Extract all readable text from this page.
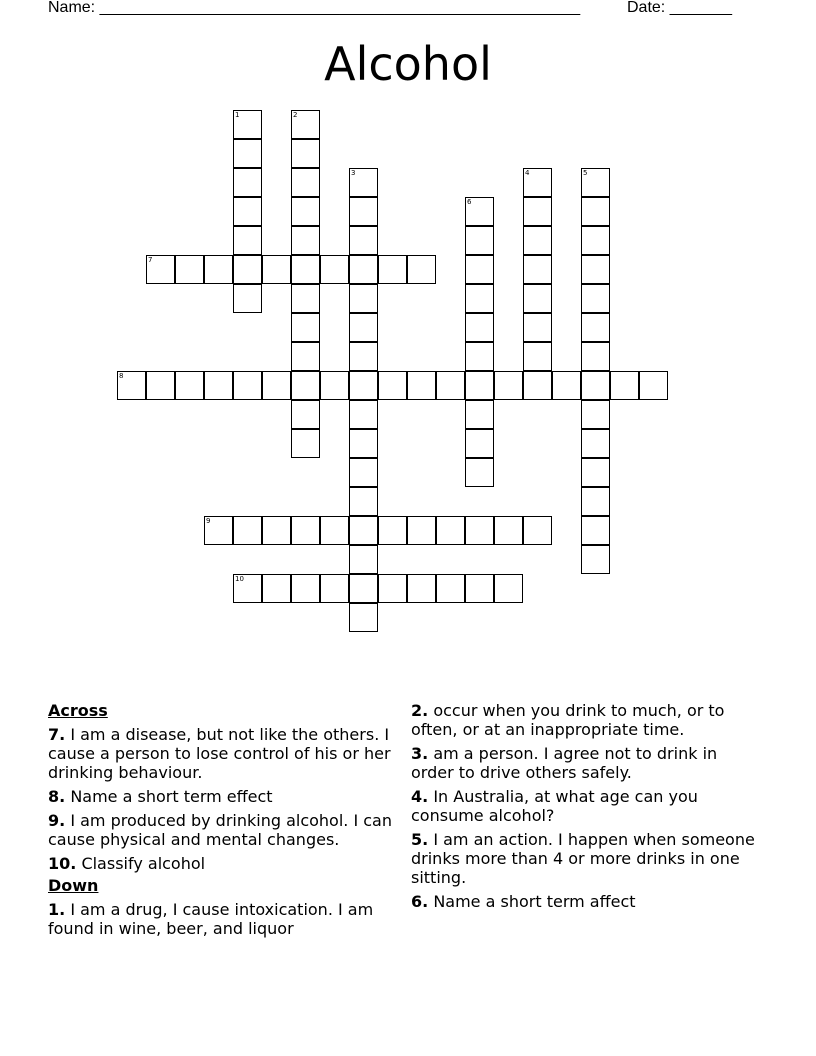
Name: ______________________________________________________	Date: _______
Alcohol
1	2
3	4	5
6
7
8
9
10
Across
7. I am a disease, but not like the others. I cause a person to lose control of his or her drinking behaviour.
8. Name a short term effect
9. I am produced by drinking alcohol. I can cause physical and mental changes.
10. Classify alcohol
Down
1. I am a drug, I cause intoxication. I am found in wine, beer, and liquor
2. occur when you drink to much, or to often, or at an inappropriate time.
3. am a person. I agree not to drink in order to drive others safely.
4. In Australia, at what age can you consume alcohol?
5. I am an action. I happen when someone drinks more than 4 or more drinks in one sitting.
6. Name a short term affect
